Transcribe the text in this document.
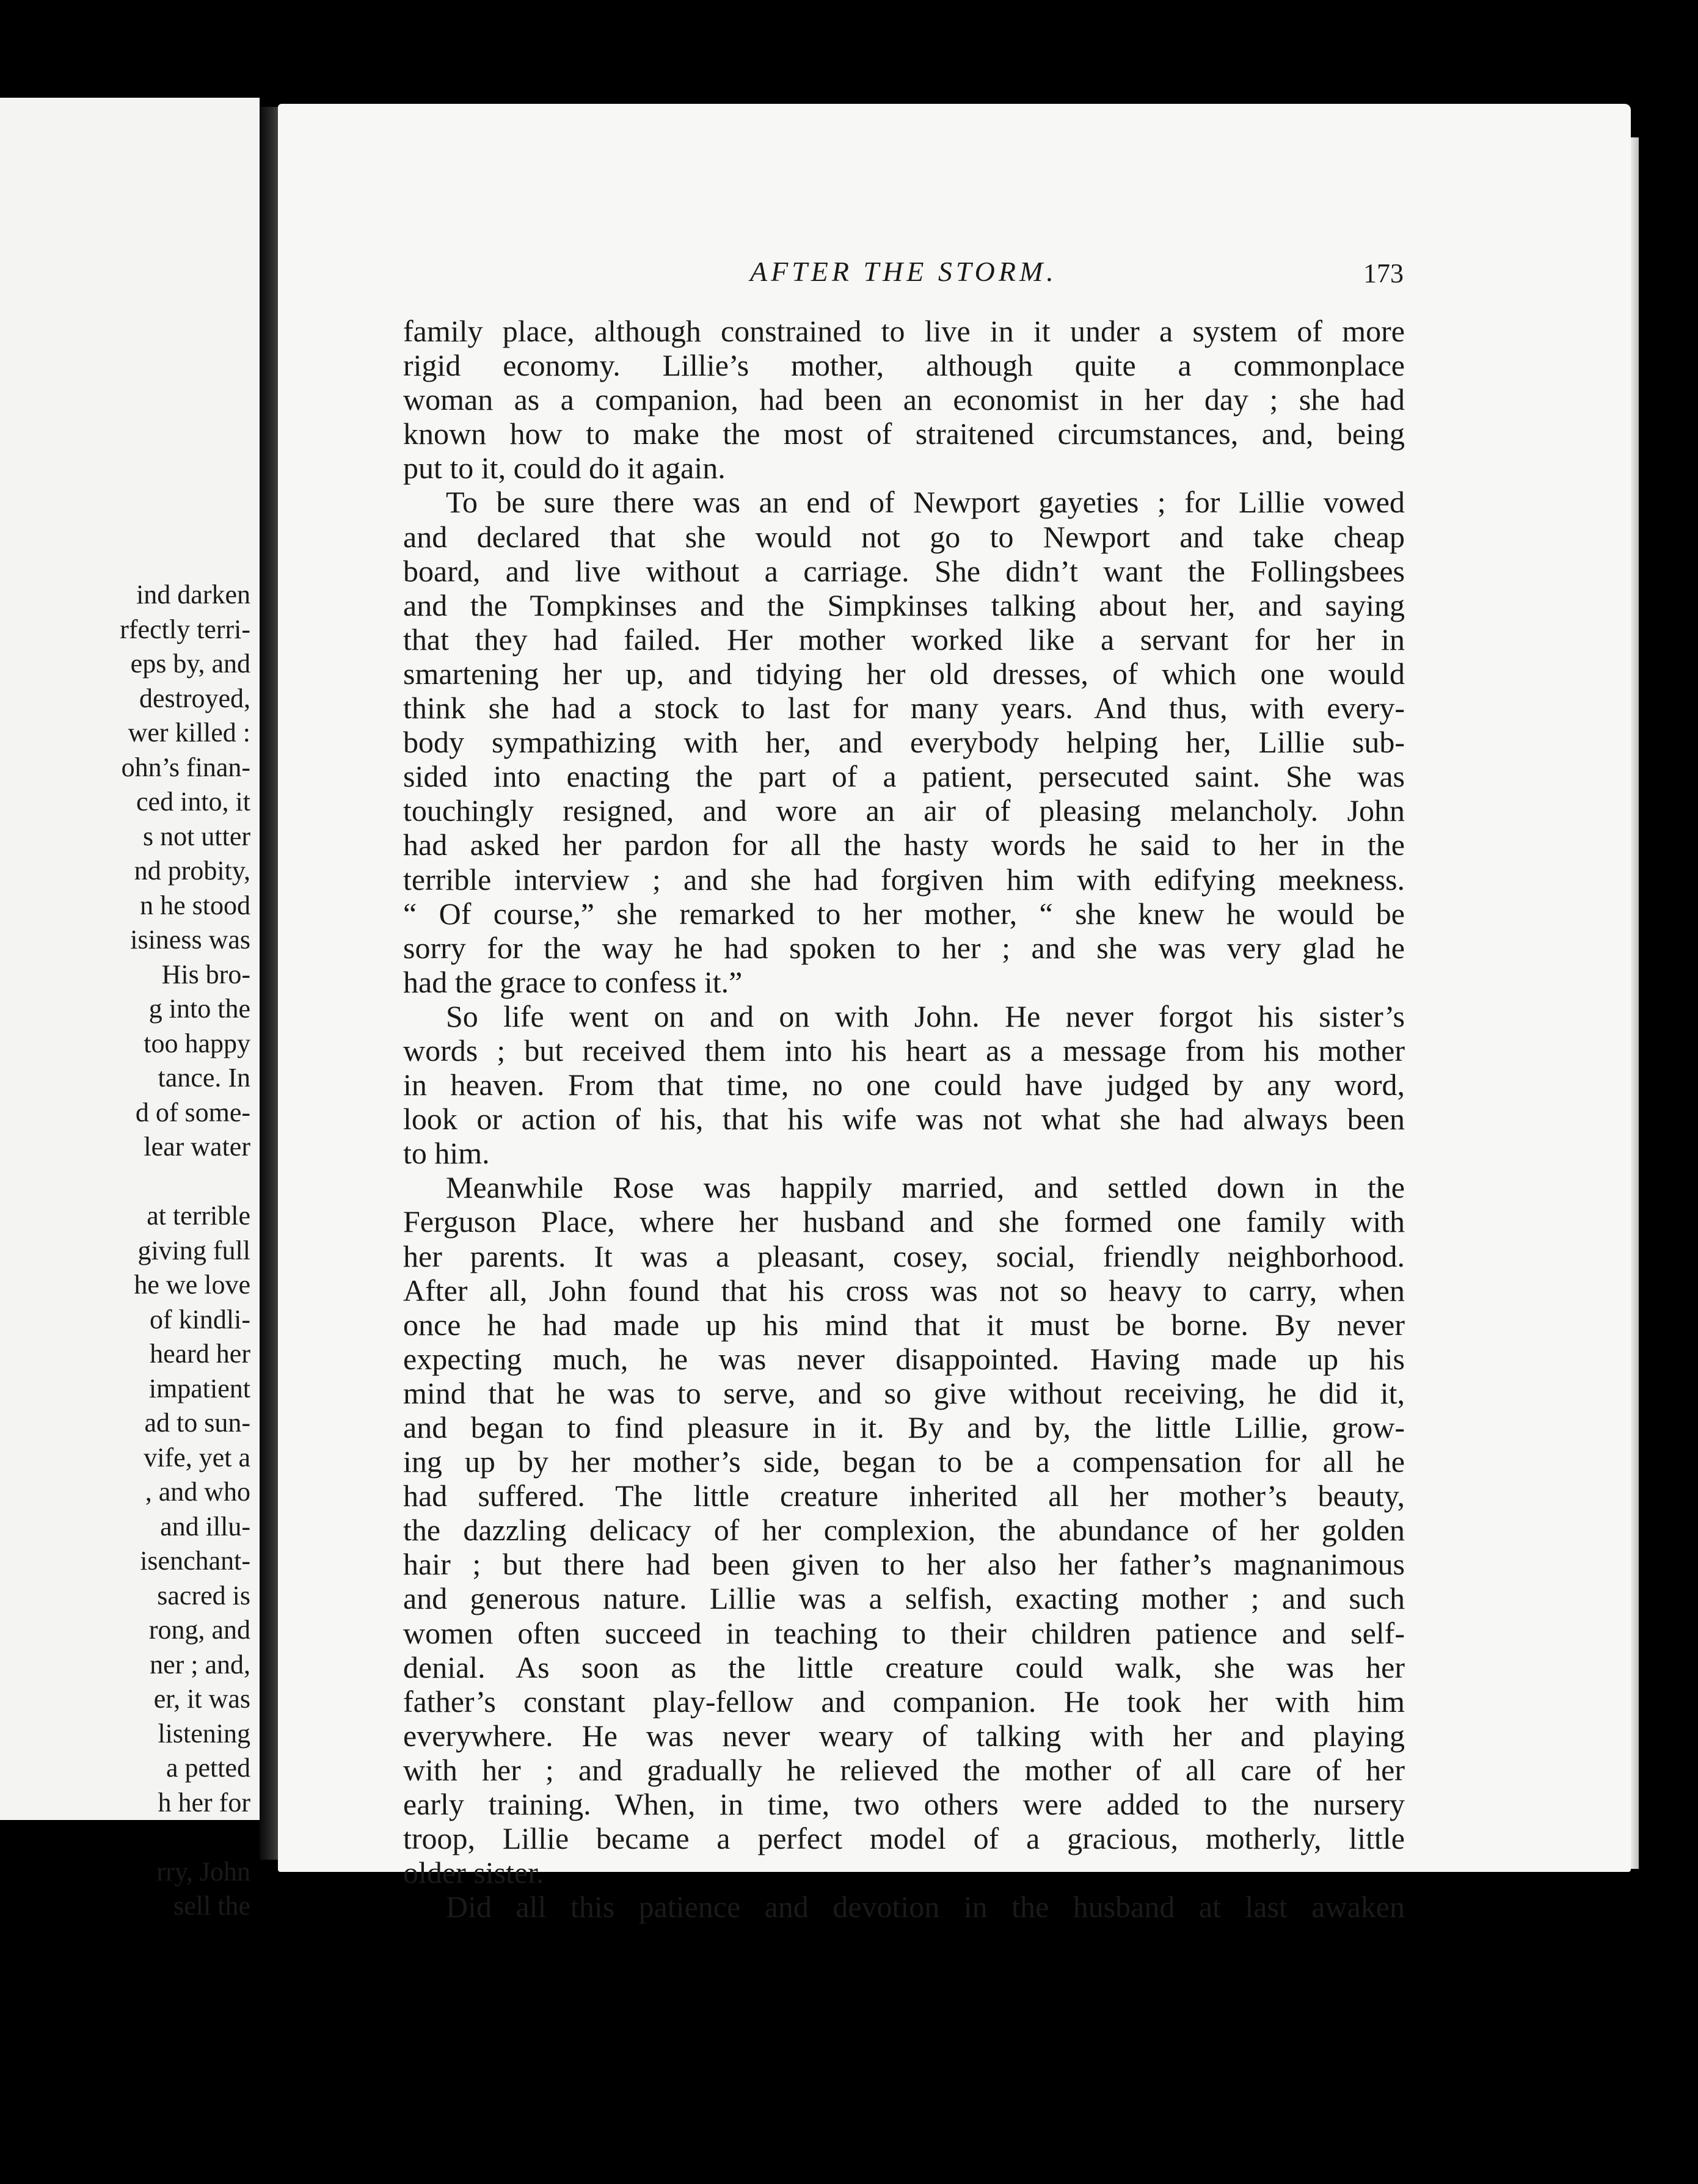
ind darken
rfectly terri-
eps by, and
destroyed,
wer killed :
ohn’s finan-
ced into, it
s not utter
nd probity,
n he stood
isiness was
His bro-
g into the
too happy
tance. In
d of some-
lear water
at terrible
giving full
he we love
of kindli-
heard her
impatient
ad to sun-
vife, yet a
, and who
and illu-
isenchant-
sacred is
rong, and
ner ; and,
er, it was
listening
a petted
h her for
rry, John
sell the
AFTER THE STORM.	173
family place, although constrained to live in it under a system of more
rigid economy. Lillie’s mother, although quite a commonplace
woman as a companion, had been an economist in her day ; she had
known how to make the most of straitened circumstances, and, being
put to it, could do it again.
To be sure there was an end of Newport gayeties ; for Lillie vowed
and declared that she would not go to Newport and take cheap
board, and live without a carriage. She didn’t want the Follingsbees
and the Tompkinses and the Simpkinses talking about her, and saying
that they had failed. Her mother worked like a servant for her in
smartening her up, and tidying her old dresses, of which one would
think she had a stock to last for many years. And thus, with every-
body sympathizing with her, and everybody helping her, Lillie sub-
sided into enacting the part of a patient, persecuted saint. She was
touchingly resigned, and wore an air of pleasing melancholy. John
had asked her pardon for all the hasty words he said to her in the
terrible interview ; and she had forgiven him with edifying meekness.
“ Of course,” she remarked to her mother, “ she knew he would be
sorry for the way he had spoken to her ; and she was very glad he
had the grace to confess it.”
So life went on and on with John. He never forgot his sister’s
words ; but received them into his heart as a message from his mother
in heaven. From that time, no one could have judged by any word,
look or action of his, that his wife was not what she had always been
to him.
Meanwhile Rose was happily married, and settled down in the
Ferguson Place, where her husband and she formed one family with
her parents. It was a pleasant, cosey, social, friendly neighborhood.
After all, John found that his cross was not so heavy to carry, when
once he had made up his mind that it must be borne. By never
expecting much, he was never disappointed. Having made up his
mind that he was to serve, and so give without receiving, he did it,
and began to find pleasure in it. By and by, the little Lillie, grow-
ing up by her mother’s side, began to be a compensation for all he
had suffered. The little creature inherited all her mother’s beauty,
the dazzling delicacy of her complexion, the abundance of her golden
hair ; but there had been given to her also her father’s magnanimous
and generous nature. Lillie was a selfish, exacting mother ; and such
women often succeed in teaching to their children patience and self-
denial. As soon as the little creature could walk, she was her
father’s constant play-fellow and companion. He took her with him
everywhere. He was never weary of talking with her and playing
with her ; and gradually he relieved the mother of all care of her
early training. When, in time, two others were added to the nursery
troop, Lillie became a perfect model of a gracious, motherly, little
older sister.
Did all this patience and devotion in the husband at last awaken
